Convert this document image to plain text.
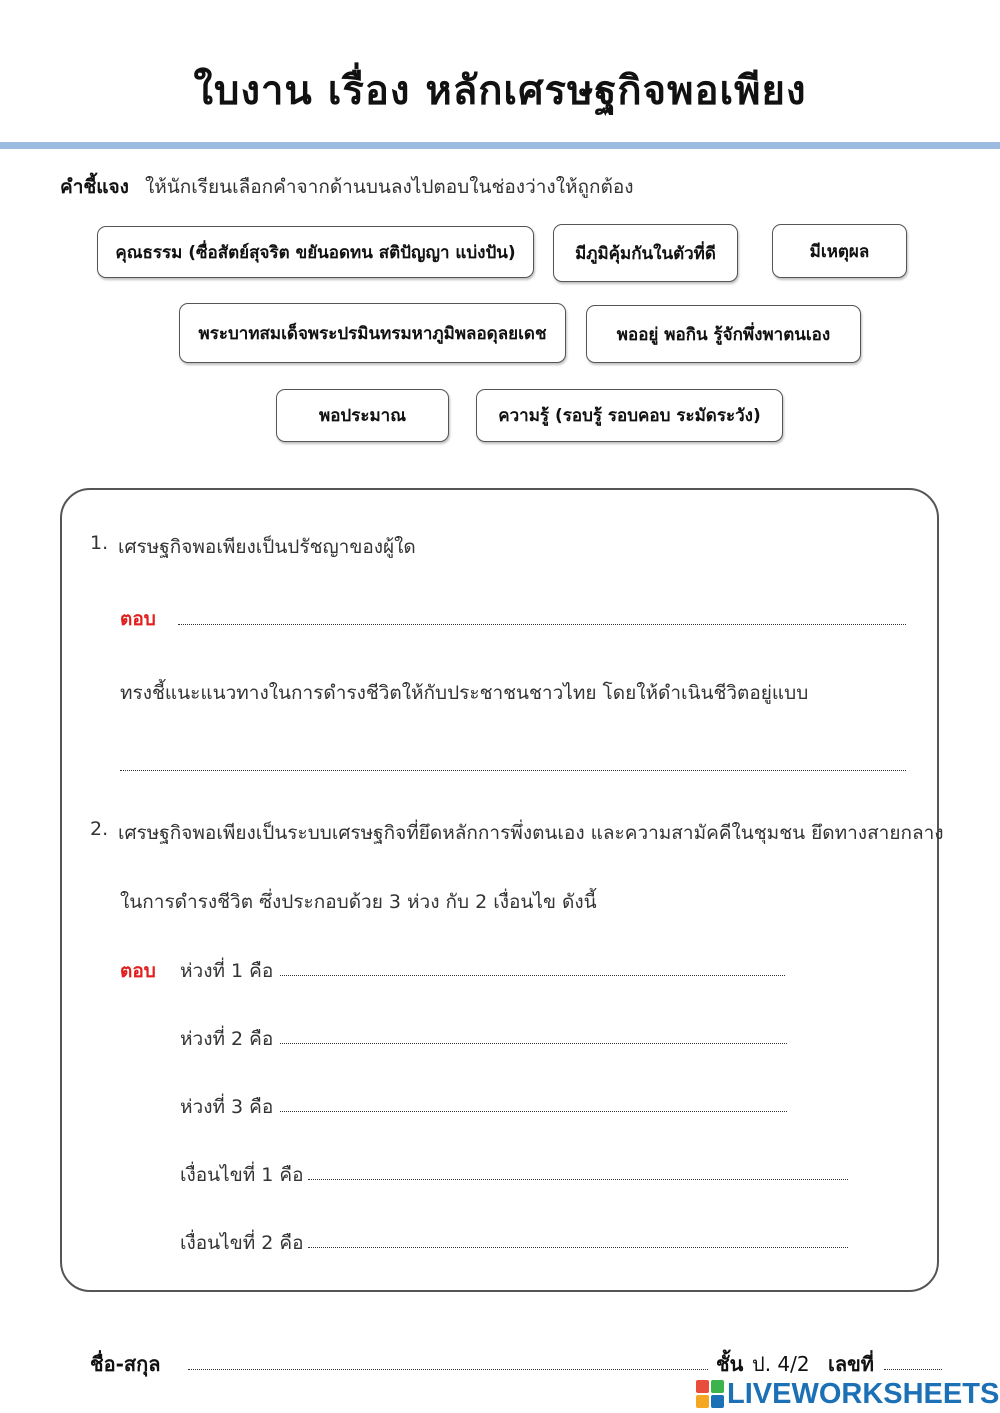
ใบงาน เรื่อง หลักเศรษฐกิจพอเพียง
คำชี้แจง ให้นักเรียนเลือกคำจากด้านบนลงไปตอบในช่องว่างให้ถูกต้อง
คุณธรรม (ซื่อสัตย์สุจริต ขยันอดทน สติปัญญา แบ่งปัน)	มีภูมิคุ้มกันในตัวที่ดี	มีเหตุผล
พระบาทสมเด็จพระปรมินทรมหาภูมิพลอดุลยเดช	พออยู่ พอกิน รู้จักพึ่งพาตนเอง
พอประมาณ	ความรู้ (รอบรู้ รอบคอบ ระมัดระวัง)
1. เศรษฐกิจพอเพียงเป็นปรัชญาของผู้ใด
ตอบ
ทรงชี้แนะแนวทางในการดำรงชีวิตให้กับประชาชนชาวไทย โดยให้ดำเนินชีวิตอยู่แบบ
2. เศรษฐกิจพอเพียงเป็นระบบเศรษฐกิจที่ยึดหลักการพึ่งตนเอง และความสามัคคีในชุมชน ยึดทางสายกลาง
ในการดำรงชีวิต ซึ่งประกอบด้วย 3 ห่วง กับ 2 เงื่อนไข ดังนี้
ตอบ ห่วงที่ 1 คือ
ห่วงที่ 2 คือ
ห่วงที่ 3 คือ
เงื่อนไขที่ 1 คือ
เงื่อนไขที่ 2 คือ
ชื่อ-สกุล	ชั้น ป. 4/2 เลขที่
LIVEWORKSHEETS
